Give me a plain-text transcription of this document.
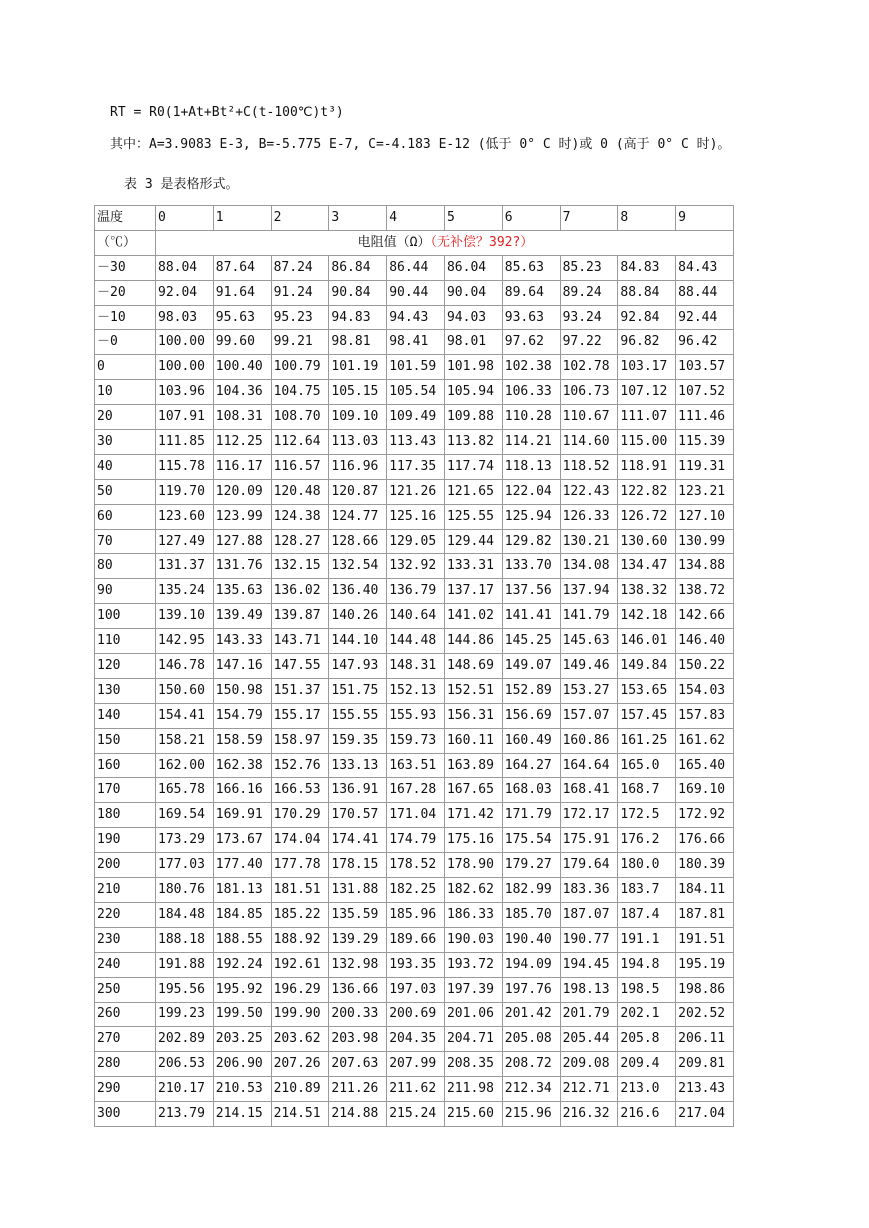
RT = R0(1+At+Bt²+C(t-100℃)t³)
其中：A=3.9083 E-3, B=-5.775 E-7, C=-4.183 E-12 (低于 0° C 时)或 0 (高于 0° C 时)。
表 3 是表格形式。
温度	0	1	2	3	4	5	6	7	8	9
（℃）	电阻值（Ω）（无补偿？392?）									
－30	88.04	87.64	87.24	86.84	86.44	86.04	85.63	85.23	84.83	84.43
－20	92.04	91.64	91.24	90.84	90.44	90.04	89.64	89.24	88.84	88.44
－10	98.03	95.63	95.23	94.83	94.43	94.03	93.63	93.24	92.84	92.44
－0	100.00	99.60	99.21	98.81	98.41	98.01	97.62	97.22	96.82	96.42
0	100.00	100.40	100.79	101.19	101.59	101.98	102.38	102.78	103.17	103.57
10	103.96	104.36	104.75	105.15	105.54	105.94	106.33	106.73	107.12	107.52
20	107.91	108.31	108.70	109.10	109.49	109.88	110.28	110.67	111.07	111.46
30	111.85	112.25	112.64	113.03	113.43	113.82	114.21	114.60	115.00	115.39
40	115.78	116.17	116.57	116.96	117.35	117.74	118.13	118.52	118.91	119.31
50	119.70	120.09	120.48	120.87	121.26	121.65	122.04	122.43	122.82	123.21
60	123.60	123.99	124.38	124.77	125.16	125.55	125.94	126.33	126.72	127.10
70	127.49	127.88	128.27	128.66	129.05	129.44	129.82	130.21	130.60	130.99
80	131.37	131.76	132.15	132.54	132.92	133.31	133.70	134.08	134.47	134.88
90	135.24	135.63	136.02	136.40	136.79	137.17	137.56	137.94	138.32	138.72
100	139.10	139.49	139.87	140.26	140.64	141.02	141.41	141.79	142.18	142.66
110	142.95	143.33	143.71	144.10	144.48	144.86	145.25	145.63	146.01	146.40
120	146.78	147.16	147.55	147.93	148.31	148.69	149.07	149.46	149.84	150.22
130	150.60	150.98	151.37	151.75	152.13	152.51	152.89	153.27	153.65	154.03
140	154.41	154.79	155.17	155.55	155.93	156.31	156.69	157.07	157.45	157.83
150	158.21	158.59	158.97	159.35	159.73	160.11	160.49	160.86	161.25	161.62
160	162.00	162.38	152.76	133.13	163.51	163.89	164.27	164.64	165.0	165.40
170	165.78	166.16	166.53	136.91	167.28	167.65	168.03	168.41	168.7	169.10
180	169.54	169.91	170.29	170.57	171.04	171.42	171.79	172.17	172.5	172.92
190	173.29	173.67	174.04	174.41	174.79	175.16	175.54	175.91	176.2	176.66
200	177.03	177.40	177.78	178.15	178.52	178.90	179.27	179.64	180.0	180.39
210	180.76	181.13	181.51	131.88	182.25	182.62	182.99	183.36	183.7	184.11
220	184.48	184.85	185.22	135.59	185.96	186.33	185.70	187.07	187.4	187.81
230	188.18	188.55	188.92	139.29	189.66	190.03	190.40	190.77	191.1	191.51
240	191.88	192.24	192.61	132.98	193.35	193.72	194.09	194.45	194.8	195.19
250	195.56	195.92	196.29	136.66	197.03	197.39	197.76	198.13	198.5	198.86
260	199.23	199.50	199.90	200.33	200.69	201.06	201.42	201.79	202.1	202.52
270	202.89	203.25	203.62	203.98	204.35	204.71	205.08	205.44	205.8	206.11
280	206.53	206.90	207.26	207.63	207.99	208.35	208.72	209.08	209.4	209.81
290	210.17	210.53	210.89	211.26	211.62	211.98	212.34	212.71	213.0	213.43
300	213.79	214.15	214.51	214.88	215.24	215.60	215.96	216.32	216.6	217.04
